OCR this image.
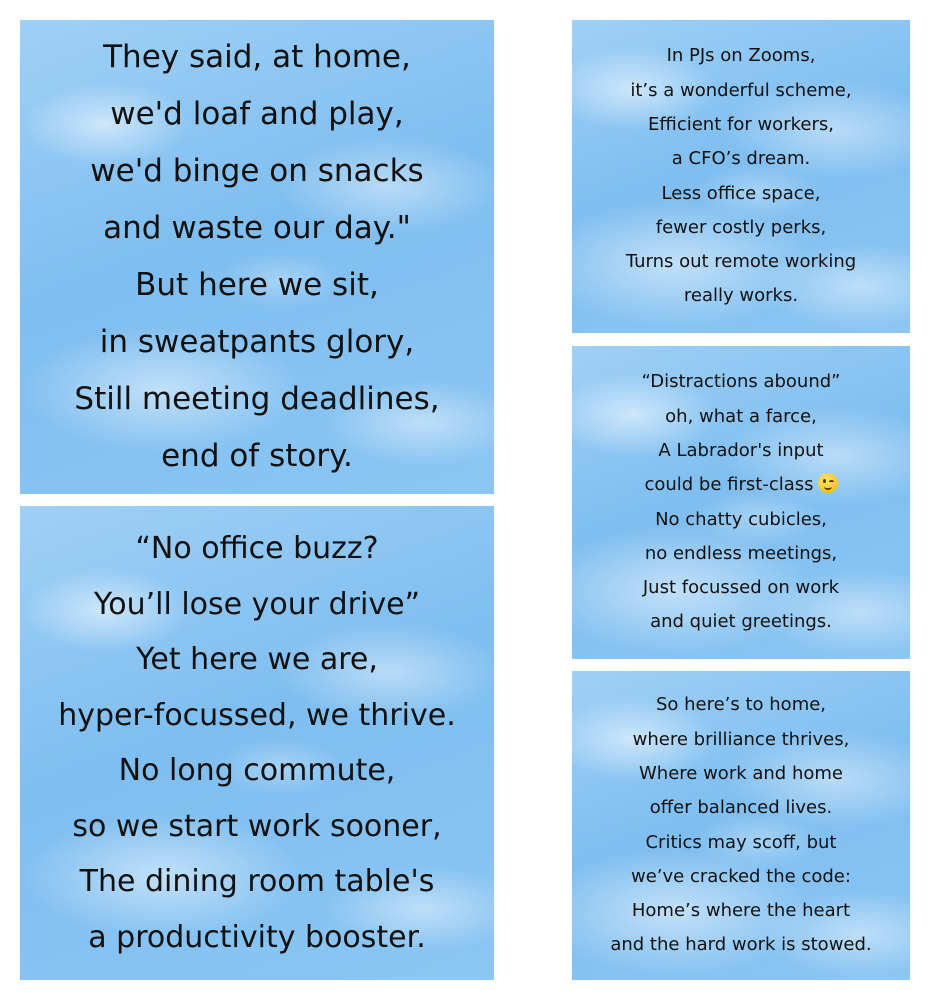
They said, at home,
we'd loaf and play,
we'd binge on snacks
and waste our day."
But here we sit,
in sweatpants glory,
Still meeting deadlines,
end of story.
“No office buzz?
You’ll lose your drive”
Yet here we are,
hyper-focussed, we thrive.
No long commute,
so we start work sooner,
The dining room table's
a productivity booster.
In PJs on Zooms,
it’s a wonderful scheme,
Efficient for workers,
a CFO’s dream.
Less office space,
fewer costly perks,
Turns out remote working
really works.
“Distractions abound”
oh, what a farce,
A Labrador's input
could be first-class
No chatty cubicles,
no endless meetings,
Just focussed on work
and quiet greetings.
So here’s to home,
where brilliance thrives,
Where work and home
offer balanced lives.
Critics may scoff, but
we’ve cracked the code:
Home’s where the heart
and the hard work is stowed.
